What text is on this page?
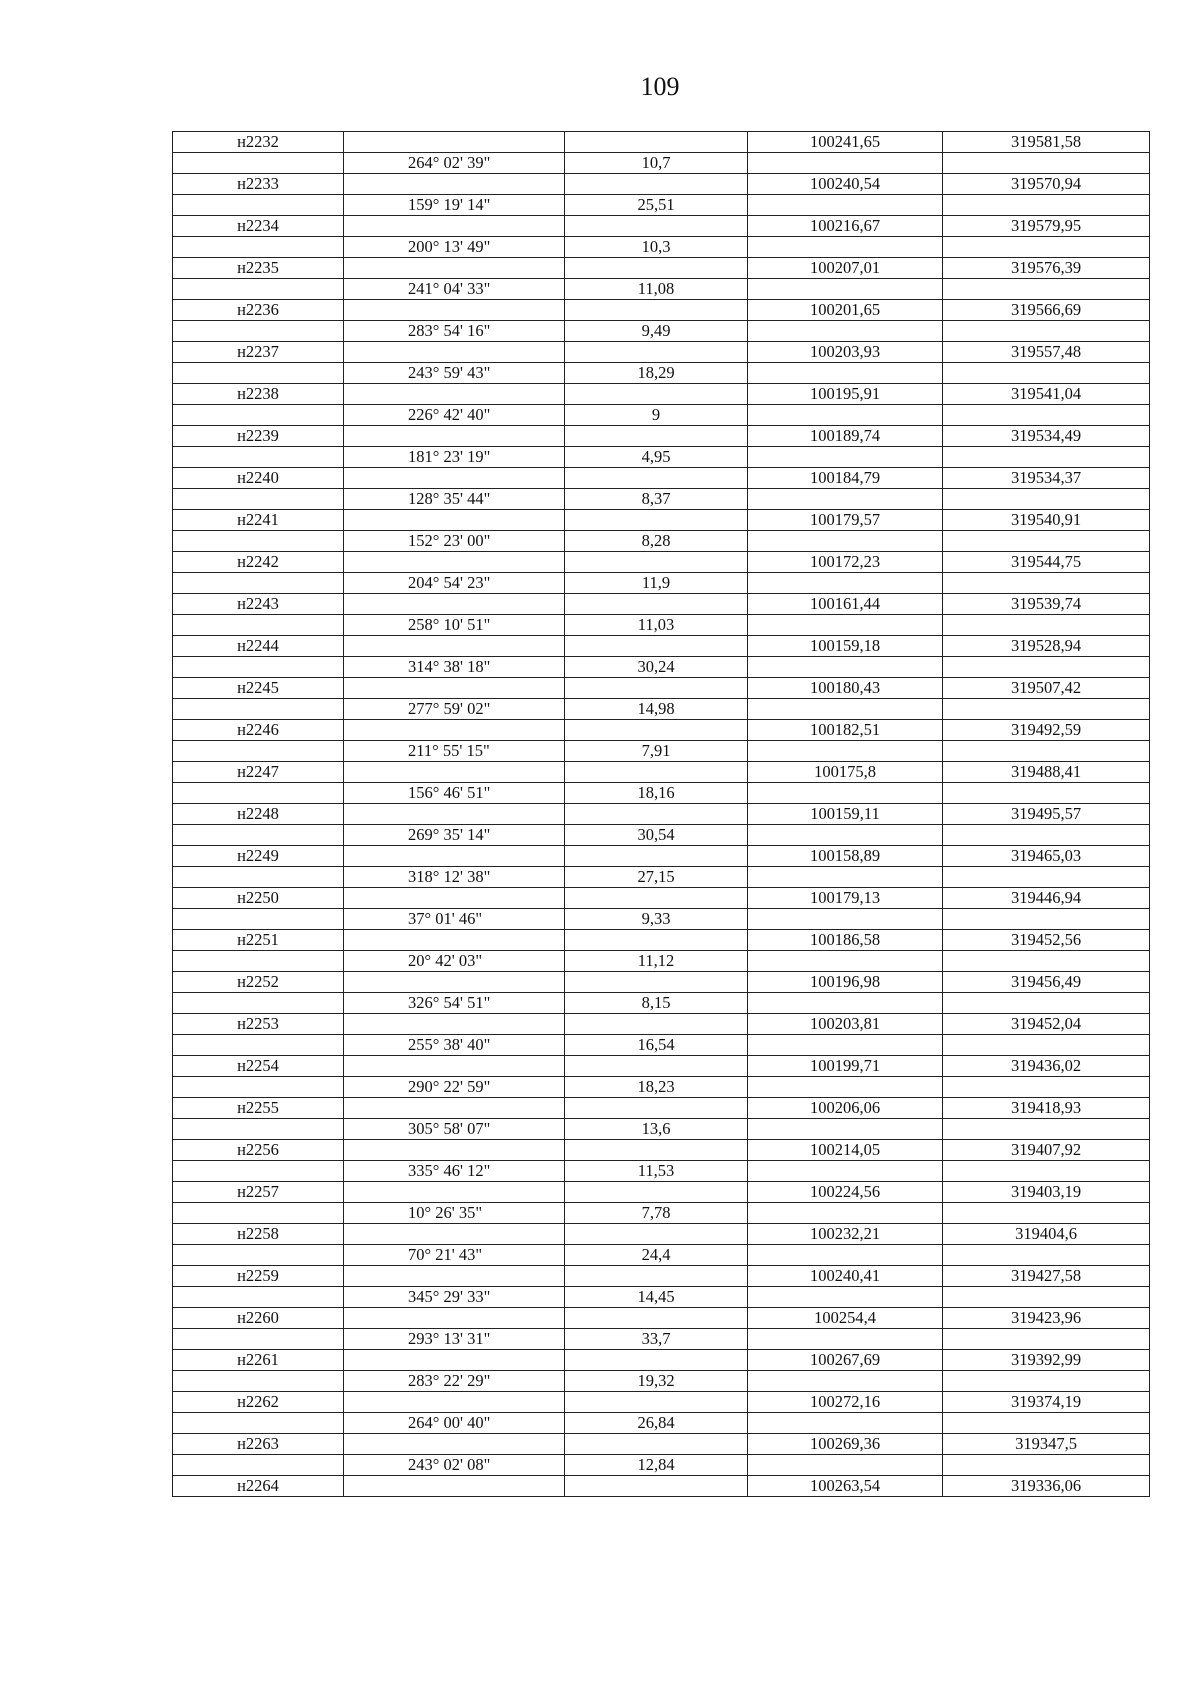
109
н2232			100241,65	319581,58
	264° 02' 39"	10,7		
н2233			100240,54	319570,94
	159° 19' 14"	25,51		
н2234			100216,67	319579,95
	200° 13' 49"	10,3		
н2235			100207,01	319576,39
	241° 04' 33"	11,08		
н2236			100201,65	319566,69
	283° 54' 16"	9,49		
н2237			100203,93	319557,48
	243° 59' 43"	18,29		
н2238			100195,91	319541,04
	226° 42' 40"	9		
н2239			100189,74	319534,49
	181° 23' 19"	4,95		
н2240			100184,79	319534,37
	128° 35' 44"	8,37		
н2241			100179,57	319540,91
	152° 23' 00"	8,28		
н2242			100172,23	319544,75
	204° 54' 23"	11,9		
н2243			100161,44	319539,74
	258° 10' 51"	11,03		
н2244			100159,18	319528,94
	314° 38' 18"	30,24		
н2245			100180,43	319507,42
	277° 59' 02"	14,98		
н2246			100182,51	319492,59
	211° 55' 15"	7,91		
н2247			100175,8	319488,41
	156° 46' 51"	18,16		
н2248			100159,11	319495,57
	269° 35' 14"	30,54		
н2249			100158,89	319465,03
	318° 12' 38"	27,15		
н2250			100179,13	319446,94
	37° 01' 46"	9,33		
н2251			100186,58	319452,56
	20° 42' 03"	11,12		
н2252			100196,98	319456,49
	326° 54' 51"	8,15		
н2253			100203,81	319452,04
	255° 38' 40"	16,54		
н2254			100199,71	319436,02
	290° 22' 59"	18,23		
н2255			100206,06	319418,93
	305° 58' 07"	13,6		
н2256			100214,05	319407,92
	335° 46' 12"	11,53		
н2257			100224,56	319403,19
	10° 26' 35"	7,78		
н2258			100232,21	319404,6
	70° 21' 43"	24,4		
н2259			100240,41	319427,58
	345° 29' 33"	14,45		
н2260			100254,4	319423,96
	293° 13' 31"	33,7		
н2261			100267,69	319392,99
	283° 22' 29"	19,32		
н2262			100272,16	319374,19
	264° 00' 40"	26,84		
н2263			100269,36	319347,5
	243° 02' 08"	12,84		
н2264			100263,54	319336,06
